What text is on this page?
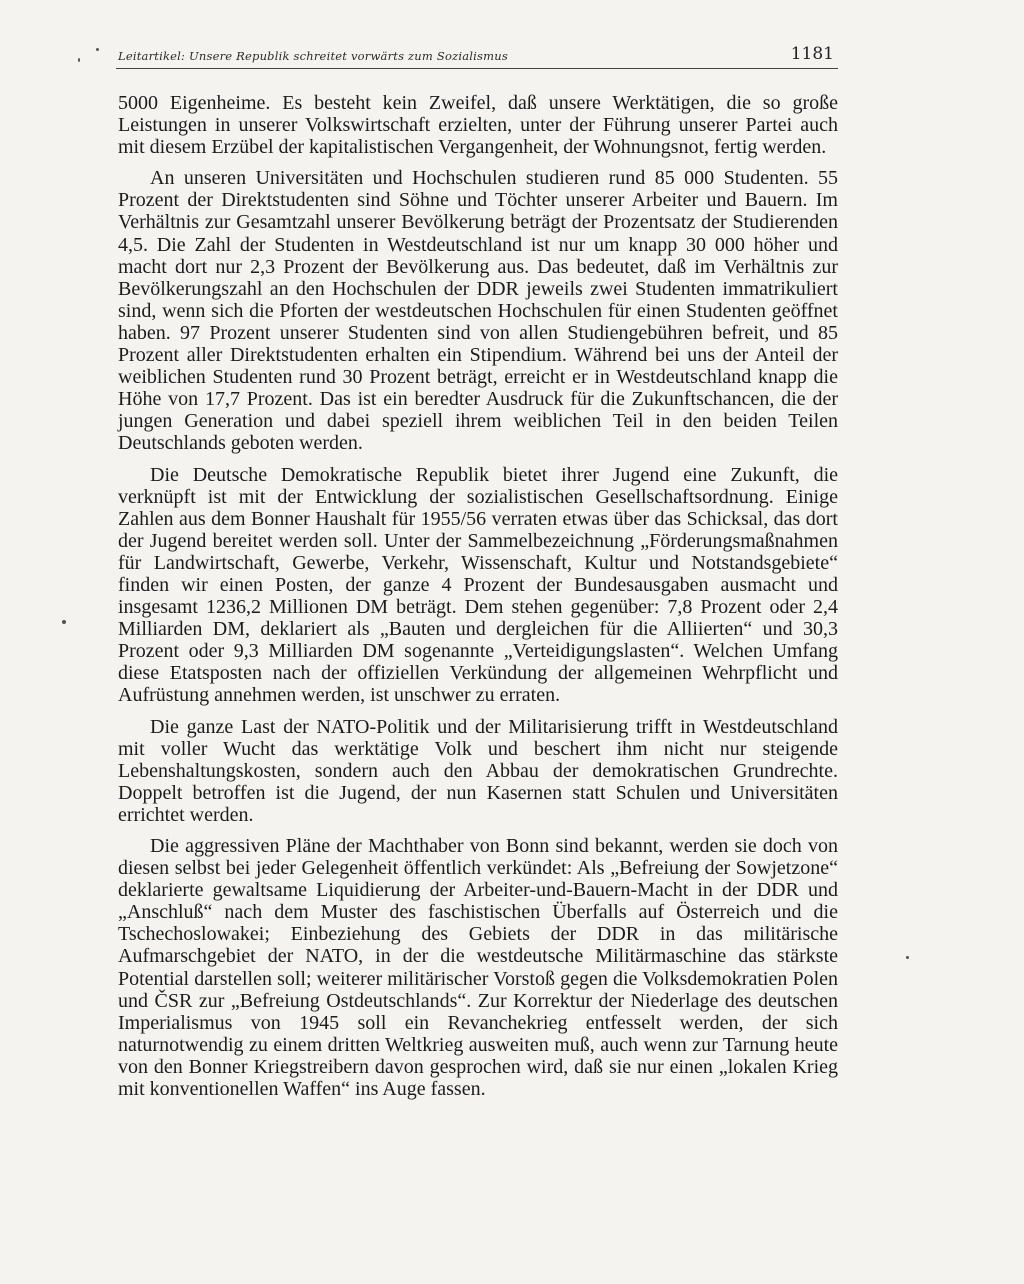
Leitartikel: Unsere Republik schreitet vorwärts zum Sozialismus	1181

5000 Eigenheime. Es besteht kein Zweifel, daß unsere Werktätigen, die so große Leistungen in unserer Volkswirtschaft erzielten, unter der Führung unserer Partei auch mit diesem Erzübel der kapitalistischen Vergangenheit, der Wohnungsnot, fertig werden.

An unseren Universitäten und Hochschulen studieren rund 85 000 Studenten. 55 Prozent der Direktstudenten sind Söhne und Töchter unserer Arbeiter und Bauern. Im Verhältnis zur Gesamtzahl unserer Bevölkerung beträgt der Prozentsatz der Studierenden 4,5. Die Zahl der Studenten in Westdeutschland ist nur um knapp 30 000 höher und macht dort nur 2,3 Prozent der Bevölkerung aus. Das bedeutet, daß im Verhältnis zur Bevölkerungszahl an den Hochschulen der DDR jeweils zwei Studenten immatrikuliert sind, wenn sich die Pforten der westdeutschen Hochschulen für einen Studenten geöffnet haben. 97 Prozent unserer Studenten sind von allen Studiengebühren befreit, und 85 Prozent aller Direktstudenten erhalten ein Stipendium. Während bei uns der Anteil der weiblichen Studenten rund 30 Prozent beträgt, erreicht er in Westdeutschland knapp die Höhe von 17,7 Prozent. Das ist ein beredter Ausdruck für die Zukunftschancen, die der jungen Generation und dabei speziell ihrem weiblichen Teil in den beiden Teilen Deutschlands geboten werden.

Die Deutsche Demokratische Republik bietet ihrer Jugend eine Zukunft, die verknüpft ist mit der Entwicklung der sozialistischen Gesellschaftsordnung. Einige Zahlen aus dem Bonner Haushalt für 1955/56 verraten etwas über das Schicksal, das dort der Jugend bereitet werden soll. Unter der Sammelbezeichnung „Förderungsmaßnahmen für Landwirtschaft, Gewerbe, Verkehr, Wissenschaft, Kultur und Notstandsgebiete“ finden wir einen Posten, der ganze 4 Prozent der Bundesausgaben ausmacht und insgesamt 1236,2 Millionen DM beträgt. Dem stehen gegenüber: 7,8 Prozent oder 2,4 Milliarden DM, deklariert als „Bauten und dergleichen für die Alliierten“ und 30,3 Prozent oder 9,3 Milliarden DM sogenannte „Verteidigungslasten“. Welchen Umfang diese Etatsposten nach der offiziellen Verkündung der allgemeinen Wehrpflicht und Aufrüstung annehmen werden, ist unschwer zu erraten.

Die ganze Last der NATO-Politik und der Militarisierung trifft in Westdeutschland mit voller Wucht das werktätige Volk und beschert ihm nicht nur steigende Lebenshaltungskosten, sondern auch den Abbau der demokratischen Grundrechte. Doppelt betroffen ist die Jugend, der nun Kasernen statt Schulen und Universitäten errichtet werden.

Die aggressiven Pläne der Machthaber von Bonn sind bekannt, werden sie doch von diesen selbst bei jeder Gelegenheit öffentlich verkündet: Als „Befreiung der Sowjetzone“ deklarierte gewaltsame Liquidierung der Arbeiter-und-Bauern-Macht in der DDR und „Anschluß“ nach dem Muster des faschistischen Überfalls auf Österreich und die Tschechoslowakei; Einbeziehung des Gebiets der DDR in das militärische Aufmarschgebiet der NATO, in der die westdeutsche Militärmaschine das stärkste Potential darstellen soll; weiterer militärischer Vorstoß gegen die Volksdemokratien Polen und ČSR zur „Befreiung Ostdeutschlands“. Zur Korrektur der Niederlage des deutschen Imperialismus von 1945 soll ein Revanchekrieg entfesselt werden, der sich naturnotwendig zu einem dritten Weltkrieg ausweiten muß, auch wenn zur Tarnung heute von den Bonner Kriegstreibern davon gesprochen wird, daß sie nur einen „lokalen Krieg mit konventionellen Waffen“ ins Auge fassen.
